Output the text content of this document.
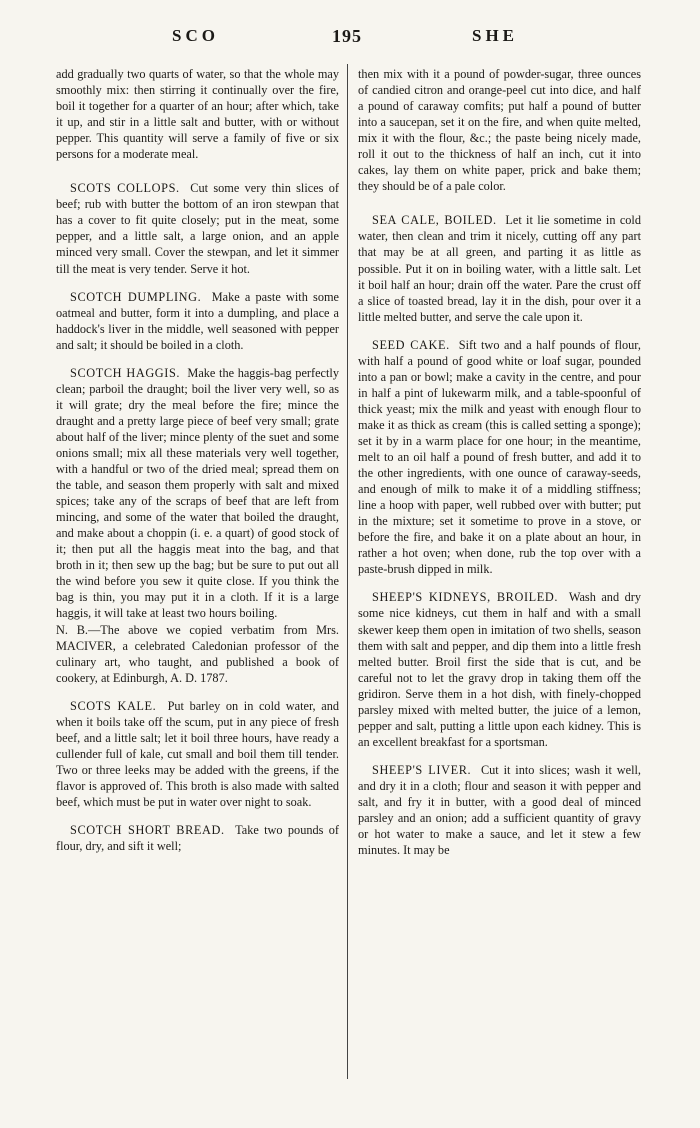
SCO	195	SHE

add gradually two quarts of water, so that the whole may smoothly mix: then stirring it continually over the fire, boil it together for a quarter of an hour; after which, take it up, and stir in a little salt and butter, with or without pepper. This quantity will serve a family of five or six persons for a moderate meal.

SCOTS COLLOPS. Cut some very thin slices of beef; rub with butter the bottom of an iron stewpan that has a cover to fit quite closely; put in the meat, some pepper, and a little salt, a large onion, and an apple minced very small. Cover the stewpan, and let it simmer till the meat is very tender. Serve it hot.

SCOTCH DUMPLING. Make a paste with some oatmeal and butter, form it into a dumpling, and place a haddock's liver in the middle, well seasoned with pepper and salt; it should be boiled in a cloth.

SCOTCH HAGGIS. Make the haggis-bag perfectly clean; parboil the draught; boil the liver very well, so as it will grate; dry the meal before the fire; mince the draught and a pretty large piece of beef very small; grate about half of the liver; mince plenty of the suet and some onions small; mix all these materials very well together, with a handful or two of the dried meal; spread them on the table, and season them properly with salt and mixed spices; take any of the scraps of beef that are left from mincing, and some of the water that boiled the draught, and make about a choppin (i. e. a quart) of good stock of it; then put all the haggis meat into the bag, and that broth in it; then sew up the bag; but be sure to put out all the wind before you sew it quite close. If you think the bag is thin, you may put it in a cloth. If it is a large haggis, it will take at least two hours boiling.

N. B.—The above we copied verbatim from Mrs. MACIVER, a celebrated Caledonian professor of the culinary art, who taught, and published a book of cookery, at Edinburgh, A. D. 1787.

SCOTS KALE. Put barley on in cold water, and when it boils take off the scum, put in any piece of fresh beef, and a little salt; let it boil three hours, have ready a cullender full of kale, cut small and boil them till tender. Two or three leeks may be added with the greens, if the flavor is approved of. This broth is also made with salted beef, which must be put in water over night to soak.

SCOTCH SHORT BREAD. Take two pounds of flour, dry, and sift it well;

then mix with it a pound of powder-sugar, three ounces of candied citron and orange-peel cut into dice, and half a pound of caraway comfits; put half a pound of butter into a saucepan, set it on the fire, and when quite melted, mix it with the flour, &c.; the paste being nicely made, roll it out to the thickness of half an inch, cut it into cakes, lay them on white paper, prick and bake them; they should be of a pale color.

SEA CALE, BOILED. Let it lie sometime in cold water, then clean and trim it nicely, cutting off any part that may be at all green, and parting it as little as possible. Put it on in boiling water, with a little salt. Let it boil half an hour; drain off the water. Pare the crust off a slice of toasted bread, lay it in the dish, pour over it a little melted butter, and serve the cale upon it.

SEED CAKE. Sift two and a half pounds of flour, with half a pound of good white or loaf sugar, pounded into a pan or bowl; make a cavity in the centre, and pour in half a pint of lukewarm milk, and a table-spoonful of thick yeast; mix the milk and yeast with enough flour to make it as thick as cream (this is called setting a sponge); set it by in a warm place for one hour; in the meantime, melt to an oil half a pound of fresh butter, and add it to the other ingredients, with one ounce of caraway-seeds, and enough of milk to make it of a middling stiffness; line a hoop with paper, well rubbed over with butter; put in the mixture; set it sometime to prove in a stove, or before the fire, and bake it on a plate about an hour, in rather a hot oven; when done, rub the top over with a paste-brush dipped in milk.

SHEEP'S KIDNEYS, BROILED. Wash and dry some nice kidneys, cut them in half and with a small skewer keep them open in imitation of two shells, season them with salt and pepper, and dip them into a little fresh melted butter. Broil first the side that is cut, and be careful not to let the gravy drop in taking them off the gridiron. Serve them in a hot dish, with finely-chopped parsley mixed with melted butter, the juice of a lemon, pepper and salt, putting a little upon each kidney. This is an excellent breakfast for a sportsman.

SHEEP'S LIVER. Cut it into slices; wash it well, and dry it in a cloth; flour and season it with pepper and salt, and fry it in butter, with a good deal of minced parsley and an onion; add a sufficient quantity of gravy or hot water to make a sauce, and let it stew a few minutes. It may be
